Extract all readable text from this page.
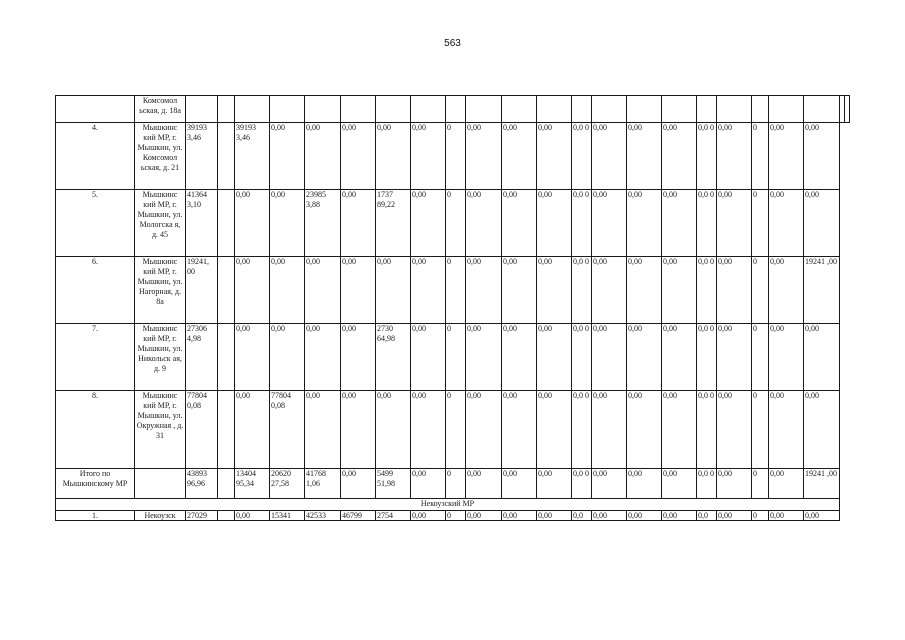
563
	Комсомол ьская, д. 18а																							
4.	Мышкинс кий МР, г. Мышкин, ул. Комсомол ьская, д. 21	39193 3,46		39193 3,46	0,00	0,00	0,00	0,00	0,00	0	0,00	0,00	0,00	0,0 0	0,00	0,00	0,00	0,0 0	0,00	0	0,00	0,00		
5.	Мышкинс кий МР, г. Мышкин, ул. Мологска я, д. 45	41364 3,10		0,00	0,00	23985 3,88	0,00	1737 89,22	0,00	0	0,00	0,00	0,00	0,0 0	0,00	0,00	0,00	0,0 0	0,00	0	0,00	0,00		
6.	Мышкинс кий МР, г. Мышкин, ул. Нагорная, д. 8а	19241, 00		0,00	0,00	0,00	0,00	0,00	0,00	0	0,00	0,00	0,00	0,0 0	0,00	0,00	0,00	0,0 0	0,00	0	0,00	19241 ,00		
7.	Мышкинс кий МР, г. Мышкин, ул. Никольск ая, д. 9	27306 4,98		0,00	0,00	0,00	0,00	2730 64,98	0,00	0	0,00	0,00	0,00	0,0 0	0,00	0,00	0,00	0,0 0	0,00	0	0,00	0,00		
8.	Мышкинс кий МР, г. Мышкин, ул. Окружная , д. 31	77804 0,08		0,00	77804 0,08	0,00	0,00	0,00	0,00	0	0,00	0,00	0,00	0,0 0	0,00	0,00	0,00	0,0 0	0,00	0	0,00	0,00		
Итого по Мышкинскому МР		43893 96,96		13404 95,34	20620 27,58	41768 1,06	0,00	5499 51,98	0,00	0	0,00	0,00	0,00	0,0 0	0,00	0,00	0,00	0,0 0	0,00	0	0,00	19241 ,00		
Некоузский МР																								
1.	Некоузск	27029		0,00	15341	42533	46799	2754	0,00	0	0,00	0,00	0,00	0,0	0,00	0,00	0,00	0,0	0,00	0	0,00	0,00		
